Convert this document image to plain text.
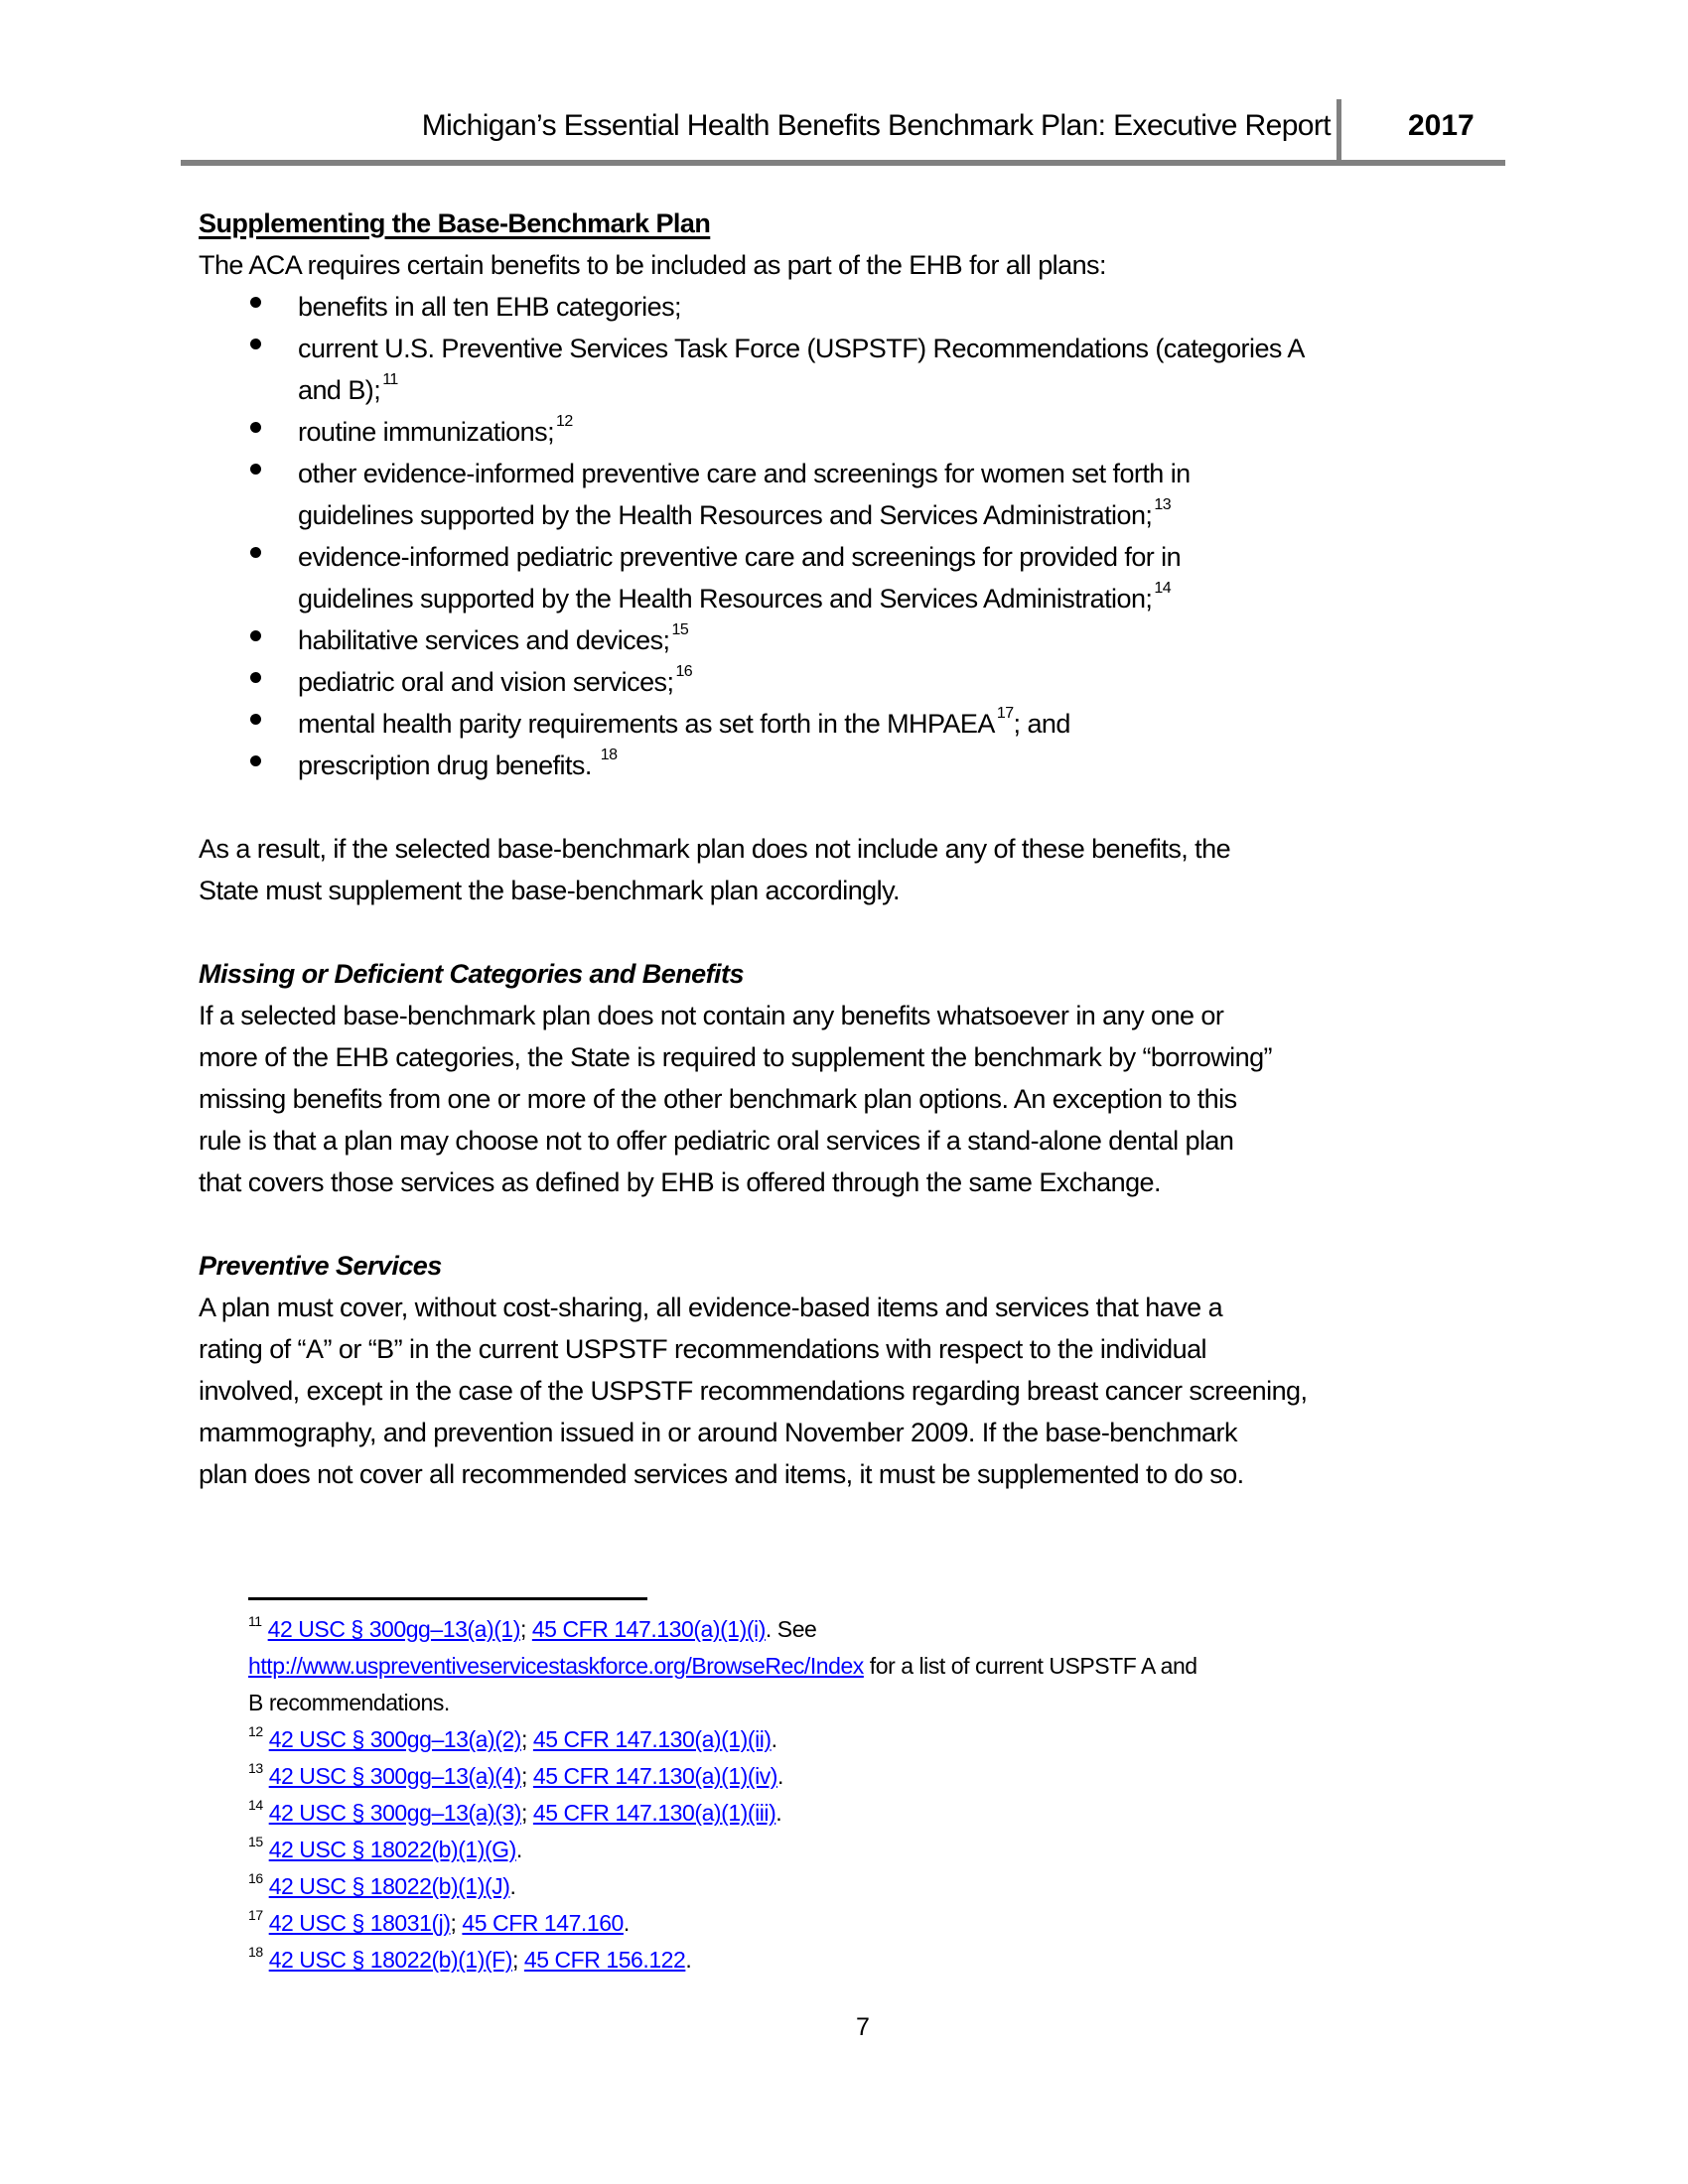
Michigan’s Essential Health Benefits Benchmark Plan: Executive Report	2017
Supplementing the Base-Benchmark Plan
The ACA requires certain benefits to be included as part of the EHB for all plans:
benefits in all ten EHB categories;
current U.S. Preventive Services Task Force (USPSTF) Recommendations (categories A
and B); $^{11}$
routine immunizations; $^{12}$
other evidence-informed preventive care and screenings for women set forth in
guidelines supported by the Health Resources and Services Administration; $^{13}$
evidence-informed pediatric preventive care and screenings for provided for in
guidelines supported by the Health Resources and Services Administration; $^{14}$
habilitative services and devices; $^{15}$
pediatric oral and vision services; $^{16}$
mental health parity requirements as set forth in the MHPAEA $^{17}$; and
prescription drug benefits. $^{18}$
As a result, if the selected base-benchmark plan does not include any of these benefits, the
State must supplement the base-benchmark plan accordingly.
Missing or Deficient Categories and Benefits
If a selected base-benchmark plan does not contain any benefits whatsoever in any one or
more of the EHB categories, the State is required to supplement the benchmark by “borrowing”
missing benefits from one or more of the other benchmark plan options. An exception to this
rule is that a plan may choose not to offer pediatric oral services if a stand-alone dental plan
that covers those services as defined by EHB is offered through the same Exchange.
Preventive Services
A plan must cover, without cost-sharing, all evidence-based items and services that have a
rating of “A” or “B” in the current USPSTF recommendations with respect to the individual
involved, except in the case of the USPSTF recommendations regarding breast cancer screening,
mammography, and prevention issued in or around November 2009. If the base-benchmark
plan does not cover all recommended services and items, it must be supplemented to do so.
$^{11}$ 42 USC § 300gg–13(a)(1); 45 CFR 147.130(a)(1)(i). See
http://www.uspreventiveservicestaskforce.org/BrowseRec/Index for a list of current USPSTF A and
B recommendations.
$^{12}$ 42 USC § 300gg–13(a)(2); 45 CFR 147.130(a)(1)(ii).
$^{13}$ 42 USC § 300gg–13(a)(4); 45 CFR 147.130(a)(1)(iv).
$^{14}$ 42 USC § 300gg–13(a)(3); 45 CFR 147.130(a)(1)(iii).
$^{15}$ 42 USC § 18022(b)(1)(G).
$^{16}$ 42 USC § 18022(b)(1)(J).
$^{17}$ 42 USC § 18031(j); 45 CFR 147.160.
$^{18}$ 42 USC § 18022(b)(1)(F); 45 CFR 156.122.
7
